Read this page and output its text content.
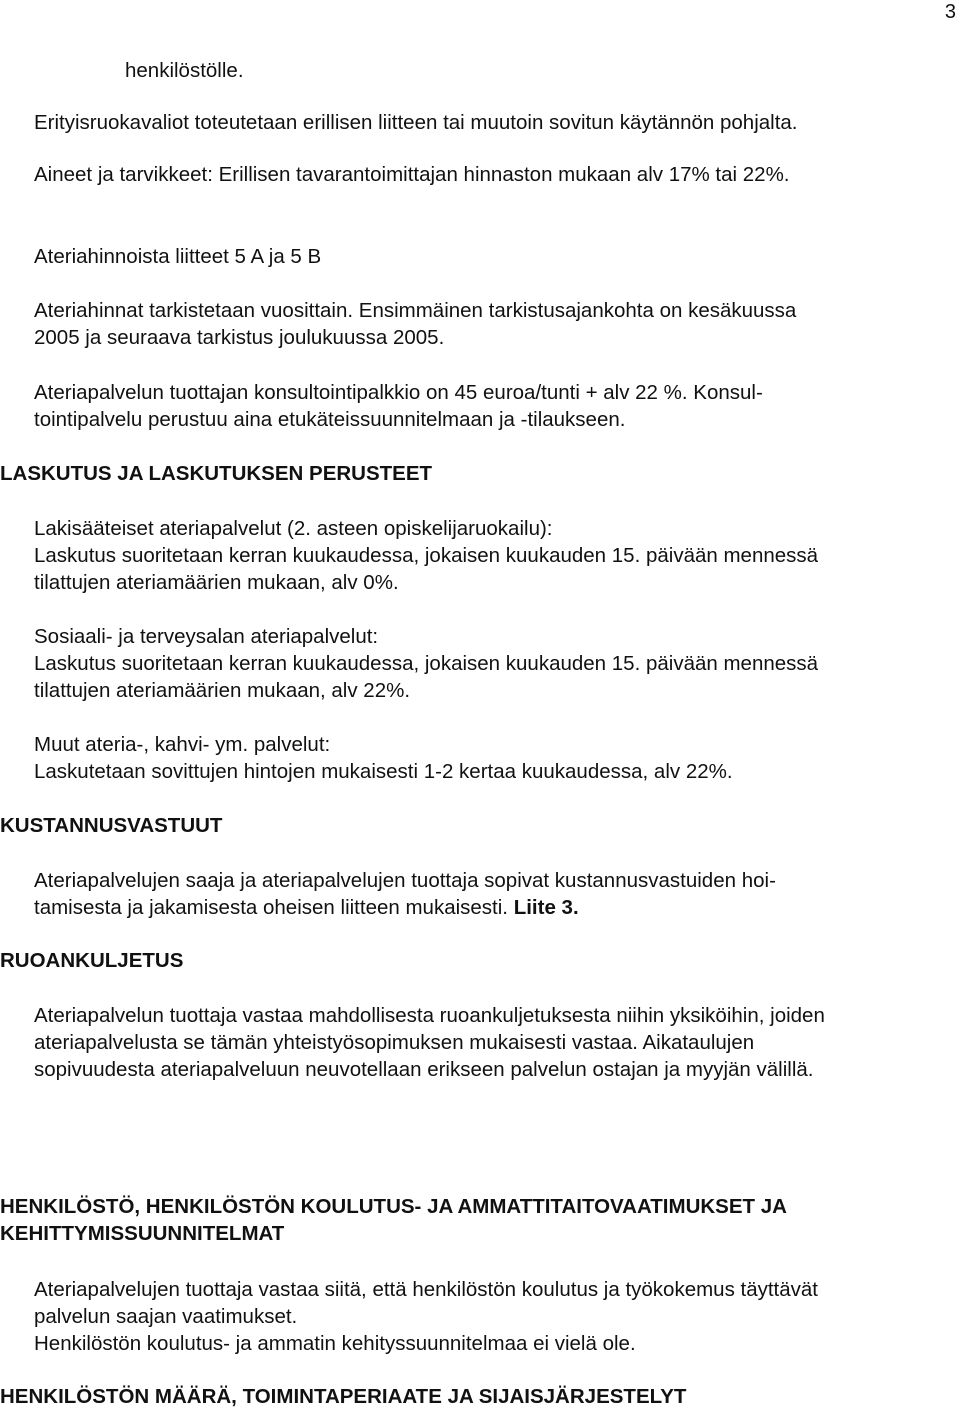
3

henkilöstölle.

Erityisruokavaliot toteutetaan erillisen liitteen tai muutoin sovitun käytännön pohjalta.

Aineet ja tarvikkeet: Erillisen tavarantoimittajan hinnaston mukaan alv 17% tai 22%.

Ateriahinnoista liitteet 5 A ja 5 B

Ateriahinnat tarkistetaan vuosittain. Ensimmäinen tarkistusajankohta on kesäkuussa

2005 ja seuraava tarkistus joulukuussa 2005.

Ateriapalvelun tuottajan konsultointipalkkio on 45 euroa/tunti + alv 22 %. Konsul-

tointipalvelu perustuu aina etukäteissuunnitelmaan ja -tilaukseen.

LASKUTUS JA LASKUTUKSEN PERUSTEET

Lakisääteiset ateriapalvelut (2. asteen opiskelijaruokailu):

Laskutus suoritetaan kerran kuukaudessa, jokaisen kuukauden 15. päivään mennessä

tilattujen ateriamäärien mukaan, alv 0%.

Sosiaali- ja terveysalan ateriapalvelut:

Laskutus suoritetaan kerran kuukaudessa, jokaisen kuukauden 15. päivään mennessä

tilattujen ateriamäärien mukaan, alv 22%.

Muut ateria-, kahvi- ym. palvelut:

Laskutetaan sovittujen hintojen mukaisesti 1-2 kertaa kuukaudessa, alv 22%.

KUSTANNUSVASTUUT

Ateriapalvelujen saaja ja ateriapalvelujen tuottaja sopivat kustannusvastuiden hoi-

tamisesta ja jakamisesta oheisen liitteen mukaisesti. Liite 3.

RUOANKULJETUS

Ateriapalvelun tuottaja vastaa mahdollisesta ruoankuljetuksesta niihin yksiköihin, joiden

ateriapalvelusta se tämän yhteistyösopimuksen mukaisesti vastaa. Aikataulujen

sopivuudesta ateriapalveluun neuvotellaan erikseen palvelun ostajan ja myyjän välillä.

HENKILÖSTÖ, HENKILÖSTÖN KOULUTUS- JA AMMATTITAITOVAATIMUKSET JA
KEHITTYMISSUUNNITELMAT

Ateriapalvelujen tuottaja vastaa siitä, että henkilöstön koulutus ja työkokemus täyttävät

palvelun saajan vaatimukset.

Henkilöstön koulutus- ja ammatin kehityssuunnitelmaa ei vielä ole.

HENKILÖSTÖN MÄÄRÄ, TOIMINTAPERIAATE JA SIJAISJÄRJESTELYT
